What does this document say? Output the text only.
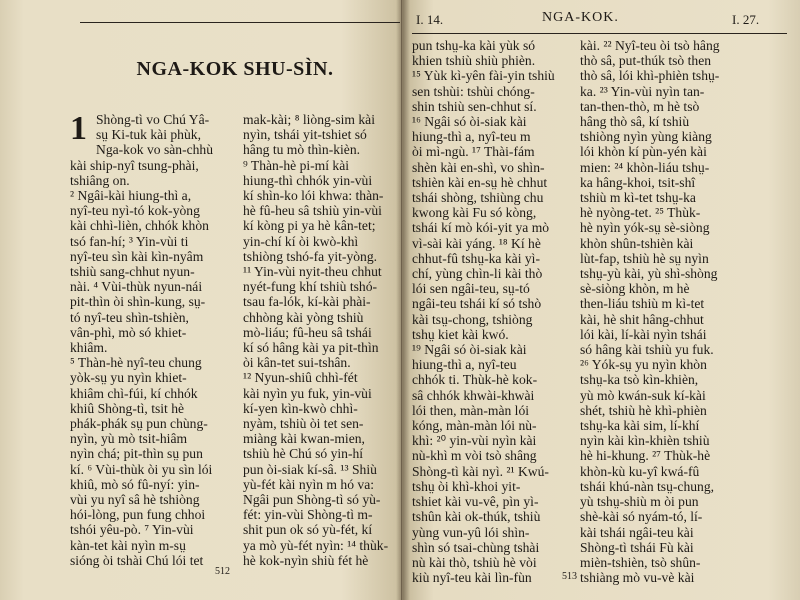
NGA-KOK SHU-SÌN.
1 Shòng-tì vo Chú Yâ-

sṳ Ki-tuk kài phùk,

Nga-kok vo sàn-chhù

kài ship-nyî tsung-phài,

tshiâng on.

² Ngâi-kài hiung-thì a,

nyî-teu nyì-tó kok-yòng

kài chhì-lièn, chhók khòn

tsó fan-hí; ³ Yin-vùi ti

nyî-teu sìn kài kìn-nyâm

tshiù sang-chhut nyun-

nài. ⁴ Vùi-thùk nyun-nái

pit-thìn òi shìn-kung, sṳ-

tó nyî-teu shìn-tshièn,

vân-phì, mò só khiet-

khiâm.

⁵ Thàn-hè nyî-teu chung

yòk-sṳ yu nyìn khiet-

khiâm chì-fúi, kí chhók

khiû Shòng-tì, tsit hè

phák-phák sṳ pun chùng-

nyìn, yù mò tsit-hiâm

nyìn chá; pit-thìn sṳ pun

kí. ⁶ Vùi-thùk òi yu sìn lói

khiû, mò só fû-nyí: yin-

vùi yu nyî sâ hè tshiòng

hói-lòng, pun fung chhoi

tshói yêu-pò. ⁷ Yin-vùi

kàn-tet kài nyìn m-sṳ

sióng òi tshài Chú lói tet

mak-kài; ⁸ liòng-sim kài

nyìn, tshái yit-tshiet só

hâng tu mò thìn-kièn.

⁹ Thàn-hè pi-mí kài

hiung-thì chhók yin-vùi

kí shìn-ko lói khwa: thàn-

hè fû-heu sâ tshiù yin-vùi

kí kòng pi ya hè kân-tet;

yin-chí kí òi kwò-khì

tshiòng tshó-fa yit-yòng.

¹¹ Yin-vùi nyit-theu chhut

nyét-fung khí tshiù tshó-

tsau fa-lók, kí-kài phài-

chhòng kài yòng tshiù

mò-liáu; fû-heu sâ tshái

kí só hâng kài ya pit-thìn

òi kân-tet sui-tshân.

¹² Nyun-shiû chhì-fét

kài nyìn yu fuk, yin-vùi

kí-yen kìn-kwò chhì-

nyàm, tshiù òi tet sen-

miàng kài kwan-mien,

tshiù hè Chú só yin-hí

pun òi-siak kí-sâ. ¹³ Shiù

yù-fét kài nyìn m hó va:

Ngâi pun Shòng-tì só yù-

fét: yin-vùi Shòng-tì m-

shit pun ok só yù-fét, kí

ya mò yù-fét nyìn: ¹⁴ thùk-

hè kok-nyìn shiù fét hè

512
I. 14.	NGA-KOK.	I. 27.

pun tshṳ-ka kài yùk só

khien tshiù shiù phièn.

¹⁵ Yùk kì-yên fài-yin tshiù

sen tshùi: tshùi chóng-

shin tshiù sen-chhut sí.

¹⁶ Ngâi só òi-siak kài

hiung-thì a, nyî-teu m

òi mì-ngù. ¹⁷ Thài-fám

shèn kài en-shì, vo shìn-

tshièn kài en-sṳ hè chhut

tshái shòng, tshiùng chu

kwong kài Fu só kòng,

tshái kí mò kói-yit ya mò

vì-sài kài yáng. ¹⁸ Kí hè

chhut-fû tshṳ-ka kài yì-

chí, yùng chìn-li kài thò

lói sen ngâi-teu, sṳ-tó

ngâi-teu tshái kí só tshò

kài tsṳ-chong, tshiòng

tshṳ kiet kài kwó.

¹⁹ Ngâi só òi-siak kài

hiung-thì a, nyî-teu

chhók ti. Thùk-hè kok-

sâ chhók khwài-khwài

lói then, màn-màn lói

kóng, màn-màn lói nù-

khì: ²⁰ yin-vùi nyìn kài

nù-khì m vòi tsò shâng

Shòng-tì kài nyì. ²¹ Kwú-

tshṳ òi khì-khoi yit-

tshiet kài vu-vê, pìn yì-

tshûn kài ok-thúk, tshiù

yùng vun-yû lói shìn-

shìn só tsai-chùng tshài

nù kài thò, tshiù hè vòi

kiù nyî-teu kài lìn-fùn

kài. ²² Nyî-teu òi tsò hâng

thò sâ, put-thúk tsò then

thò sâ, lói khì-phièn tshṳ-

ka. ²³ Yin-vùi nyìn tan-

tan-then-thò, m hè tsò

hâng thò sâ, kí tshiù

tshiòng nyìn yùng kiàng

lói khòn kí pùn-yén kài

mien: ²⁴ khòn-liáu tshṳ-

ka hâng-khoi, tsit-shî

tshiù m kì-tet tshṳ-ka

hè nyòng-tet. ²⁵ Thùk-

hè nyìn yók-sṳ sè-siòng

khòn shûn-tshièn kài

lùt-fap, tshiù hè sṳ nyìn

tshṳ-yù kài, yù shì-shòng

sè-siòng khòn, m hè

then-liáu tshiù m kì-tet

kài, hè shit hâng-chhut

lói kài, lí-kài nyìn tshái

só hâng kài tshiù yu fuk.

²⁶ Yók-sṳ yu nyìn khòn

tshṳ-ka tsò kìn-khièn,

yù mò kwán-suk kí-kài

shét, tshiù hè khì-phièn

tshṳ-ka kài sim, lí-khí

nyìn kài kìn-khièn tshiù

hè hi-khung. ²⁷ Thùk-hè

khòn-kù ku-yî kwá-fû

tshái khú-nàn tsṳ-chung,

yù tshṳ-shiù m òi pun

shè-kài só nyám-tó, lí-

kài tshái ngâi-teu kài

Shòng-tì tshái Fù kài

mièn-tshièn, tsò shûn-

tshiàng mò vu-vè kài

513
